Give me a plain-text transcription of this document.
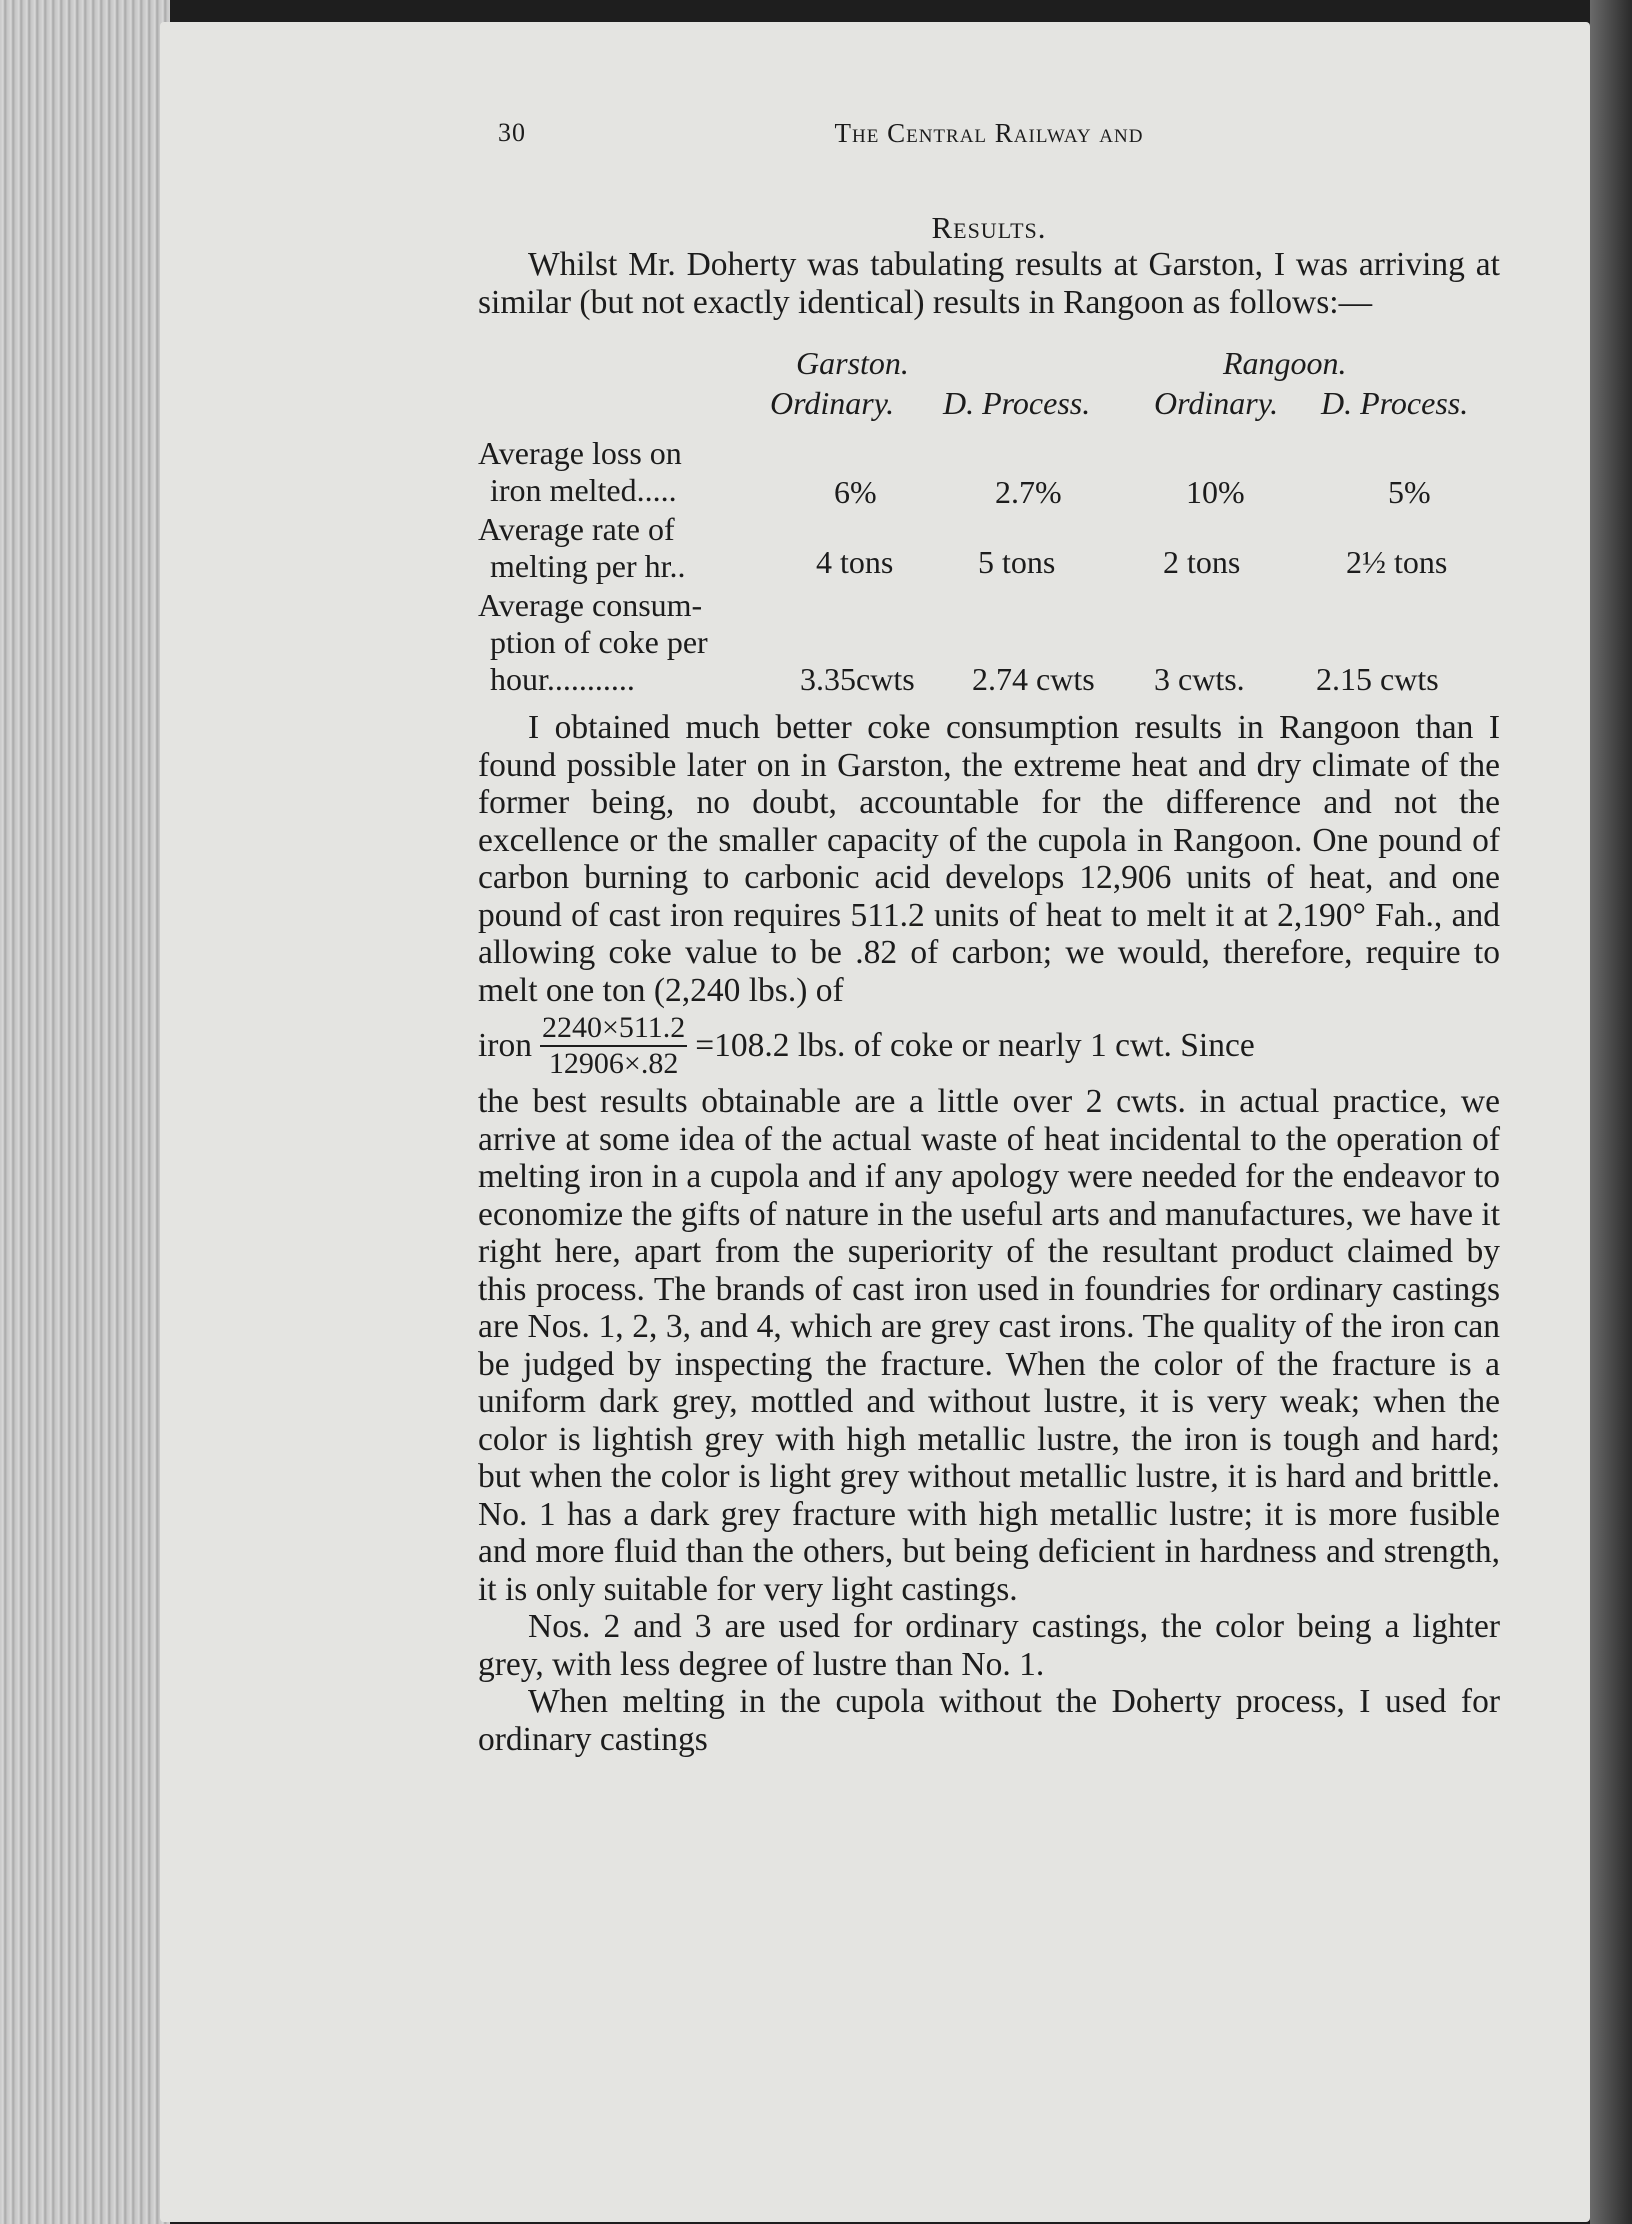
30	The Central Railway and
Results.

Whilst Mr. Doherty was tabulating results at Garston, I was arriving at similar (but not exactly identical) results in Rangoon as follows:—

Garston.	Rangoon.
Ordinary. D. Process. Ordinary. D. Process.
Average loss on
iron melted.....	6%	2.7%	10%	5%
Average rate of
melting per hr..	4 tons	5 tons	2 tons	2½ tons
Average consum-
ption of coke per
hour...........	3.35cwts 2.74 cwts 3 cwts. 2.15 cwts

I obtained much better coke consumption results in Rangoon than I found possible later on in Garston, the extreme heat and dry climate of the former being, no doubt, accountable for the difference and not the excellence or the smaller capacity of the cupola in Rangoon. One pound of carbon burning to carbonic acid develops 12,906 units of heat, and one pound of cast iron requires 511.2 units of heat to melt it at 2,190° Fah., and allowing coke value to be .82 of carbon; we would, therefore, require to melt one ton (2,240 lbs.) of

iron $\frac{2240\times 511.2}{12906\times.82} =108.2$ lbs. of coke or nearly 1 cwt. Since

the best results obtainable are a little over 2 cwts. in actual practice, we arrive at some idea of the actual waste of heat incidental to the operation of melting iron in a cupola and if any apology were needed for the endeavor to economize the gifts of nature in the useful arts and manufactures, we have it right here, apart from the superiority of the resultant product claimed by this process. The brands of cast iron used in foundries for ordinary castings are Nos. 1, 2, 3, and 4, which are grey cast irons. The quality of the iron can be judged by inspecting the fracture. When the color of the fracture is a uniform dark grey, mottled and without lustre, it is very weak; when the color is lightish grey with high metallic lustre, the iron is tough and hard; but when the color is light grey without metallic lustre, it is hard and brittle. No. 1 has a dark grey fracture with high metallic lustre; it is more fusible and more fluid than the others, but being deficient in hardness and strength, it is only suitable for very light castings.

Nos. 2 and 3 are used for ordinary castings, the color being a lighter grey, with less degree of lustre than No. 1.

When melting in the cupola without the Doherty process, I used for ordinary castings
